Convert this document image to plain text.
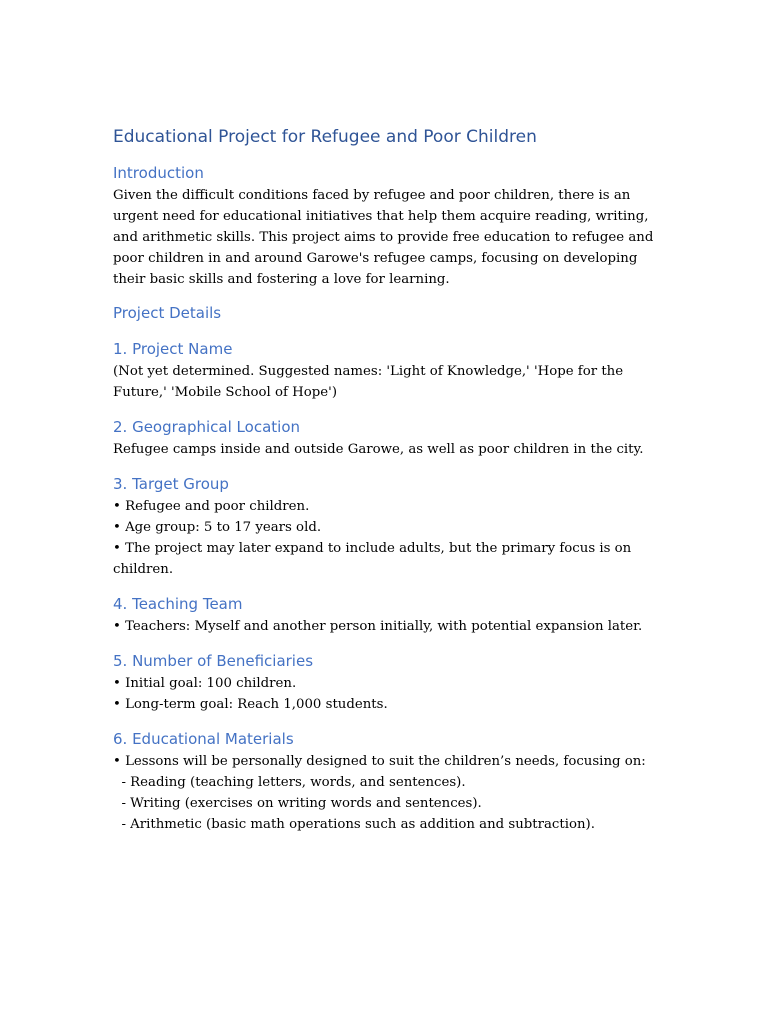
Educational Project for Refugee and Poor Children
Introduction

Given the difficult conditions faced by refugee and poor children, there is an urgent need for educational initiatives that help them acquire reading, writing, and arithmetic skills. This project aims to provide free education to refugee and poor children in and around Garowe's refugee camps, focusing on developing their basic skills and fostering a love for learning.

Project Details
1. Project Name

(Not yet determined. Suggested names: 'Light of Knowledge,' 'Hope for the Future,' 'Mobile School of Hope')

2. Geographical Location

Refugee camps inside and outside Garowe, as well as poor children in the city.

3. Target Group

• Refugee and poor children.

• Age group: 5 to 17 years old.

• The project may later expand to include adults, but the primary focus is on children.

4. Teaching Team

• Teachers: Myself and another person initially, with potential expansion later.

5. Number of Beneficiaries

• Initial goal: 100 children.

• Long-term goal: Reach 1,000 students.

6. Educational Materials

• Lessons will be personally designed to suit the children’s needs, focusing on:

- Reading (teaching letters, words, and sentences).

- Writing (exercises on writing words and sentences).

- Arithmetic (basic math operations such as addition and subtraction).
